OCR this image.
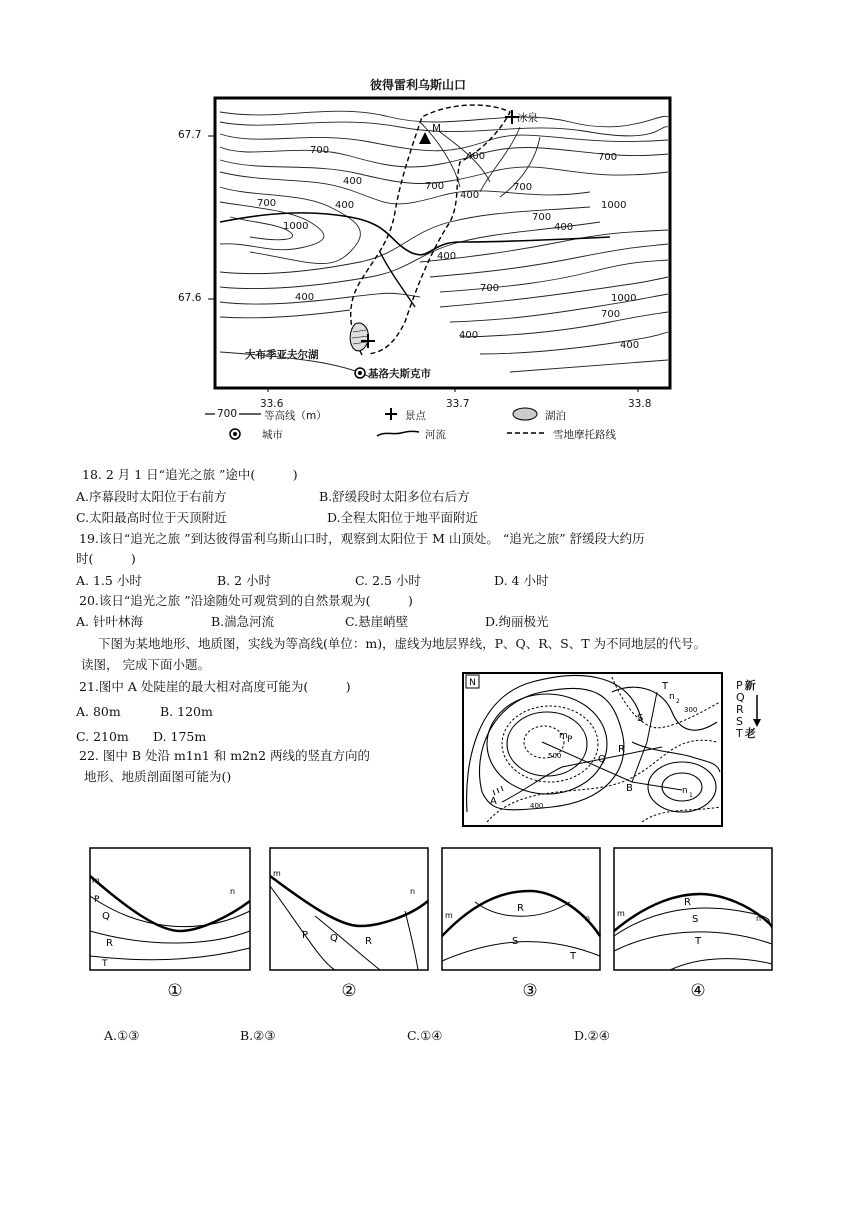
彼得雷利乌斯山口
67.7
67.6
M
冰泉
大布季亚夫尔湖
基洛夫斯克市
33.6	33.7	33.8
700
400	700
700
400
400
1000
700
400
400
700
400
700
1000
700
400
400
700
1000
400
700	等高线（m）	景点	湖泊
城市	河流	雪地摩托路线
18. 2 月 1 日“追光之旅 ”途中(　　　)
A.序幕段时太阳位于右前方	B.舒缓段时太阳多位右后方
C.太阳最高时位于天顶附近	D.全程太阳位于地平面附近
19.该日“追光之旅 ”到达彼得雷利乌斯山口时，观察到太阳位于 M 山顶处。 “追光之旅” 舒缓段大约历
时(　　　)
A. 1.5 小时	B. 2 小时	C. 2.5 小时	D. 4 小时
20.该日“追光之旅 ”沿途随处可观赏到的自然景观为(　　　)
A. 针叶林海	B.湍急河流	C.悬崖峭壁	D.绚丽极光
下图为某地地形、地质图，实线为等高线(单位：m)，虚线为地层界线，P、Q、R、S、T 为不同地层的代号。
读图， 完成下面小题。
21.图中 A 处陡崖的最大相对高度可能为(　　　)
A. 80m	B. 120m
C. 210m D. 175m
22. 图中 B 处沿 m1n1 和 m2n2 两线的竖直方向的
地形、地质剖面图可能为()
N
A
B
P
Q
R
S
T
m
n 2
n 1
500
400
300
P 新
Q
R
S
T 老
m
n
P
Q
R
T
m
n
P Q	R
m	n
R
S
T
m
n
R
S
T
①	②	③	④
A.①③	B.②③	C.①④	D.②④
